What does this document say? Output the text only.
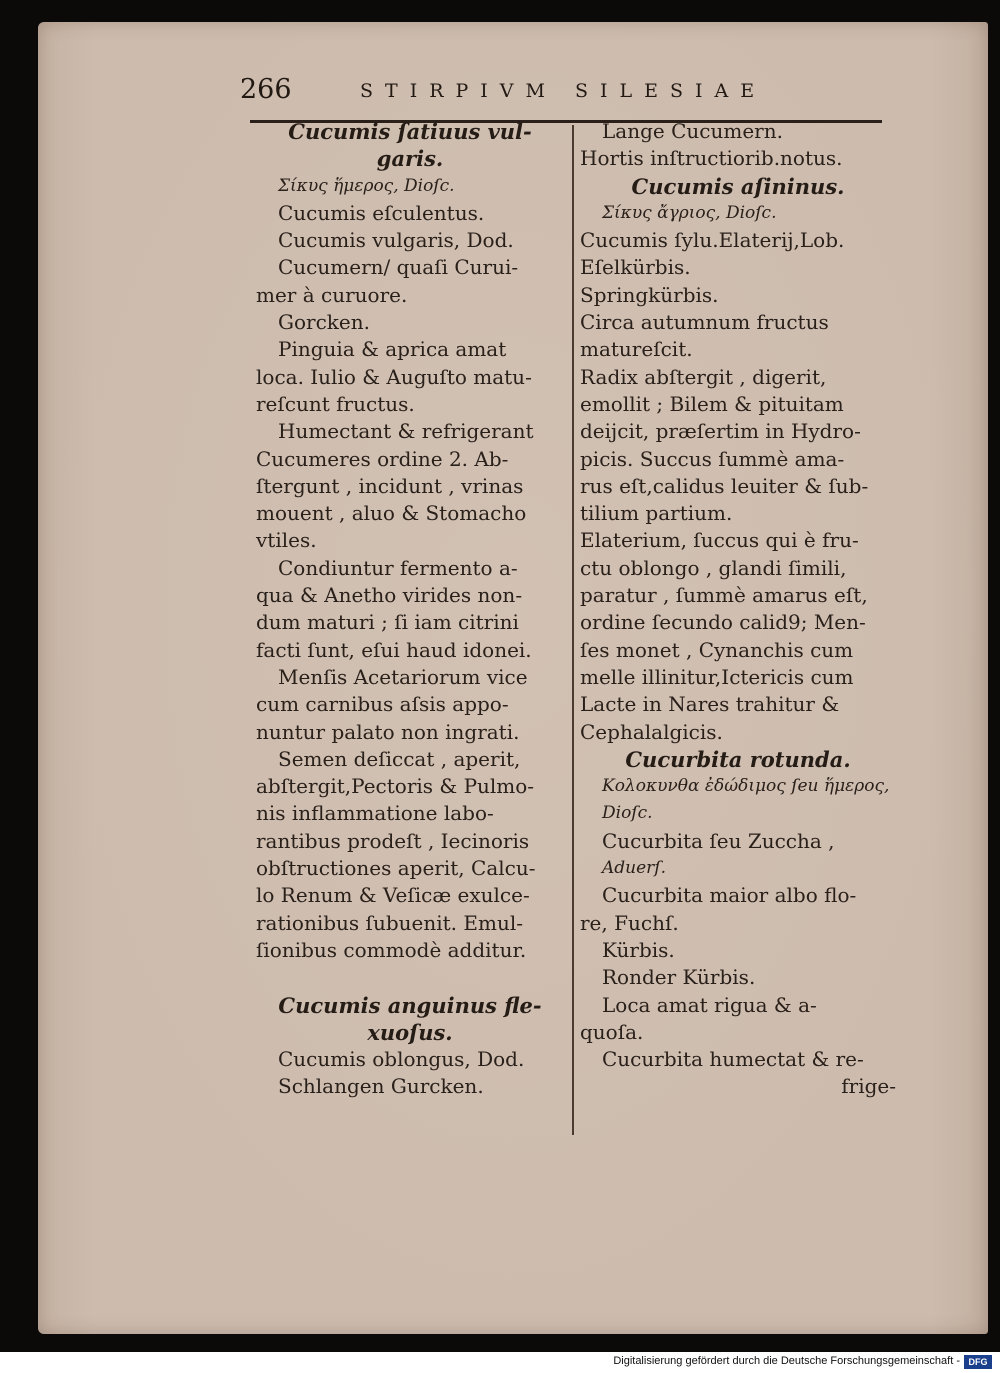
266	STIRPIVM SILESIAE
Cucumis ſatiuus vul-
garis.
Σίκυς ἥμερος, Dioſc.
Cucumis eſculentus.
Cucumis vulgaris, Dod.
Cucumern/ quaſi Curui-
mer à curuore.
Gorcken.
Pinguia & aprica amat
loca. Iulio & Auguſto matu-
reſcunt fructus.
Humectant & refrigerant
Cucumeres ordine 2. Ab-
ſtergunt , incidunt , vrinas
mouent , aluo & Stomacho
vtiles.
Condiuntur fermento a-
qua & Anetho virides non-
dum maturi ; ſi iam citrini
facti ſunt, eſui haud idonei.
Menſis Acetariorum vice
cum carnibus aſsis appo-
nuntur palato non ingrati.
Semen deſiccat , aperit,
abſtergit,Pectoris & Pulmo-
nis inflammatione labo-
rantibus prodeſt , Iecinoris
obſtructiones aperit, Calcu-
lo Renum & Veſicæ exulce-
rationibus ſubuenit. Emul-
ſionibus commodè additur.
Cucumis anguinus fle-
xuoſus.
Cucumis oblongus, Dod.
Schlangen Gurcken.
Lange Cucumern.
Hortis inſtructiorib.notus.
Cucumis aſininus.
Σίκυς ἄγριος, Dioſc.
Cucumis ſylu.Elaterij,Lob.
Eſelkürbis.
Springkürbis.
Circa autumnum fructus
matureſcit.
Radix abſtergit , digerit,
emollit ; Bilem & pituitam
deijcit, præſertim in Hydro-
picis. Succus ſummè ama-
rus eſt,calidus leuiter & ſub-
tilium partium.
Elaterium, ſuccus qui è fru-
ctu oblongo , glandi ſimili,
paratur , ſummè amarus eſt,
ordine ſecundo calid9; Men-
ſes monet , Cynanchis cum
melle illinitur,Ictericis cum
Lacte in Nares trahitur &
Cephalalgicis.
Cucurbita rotunda.
Κολοκυνθα ἐδώδιμος ſeu ἥμερος,
Dioſc.
Cucurbita ſeu Zuccha ,
Aduerſ.
Cucurbita maior albo flo-
re, Fuchſ.
Kürbis.
Ronder Kürbis.
Loca amat rigua & a-
quoſa.
Cucurbita humectat & re-
frige-
Digitalisierung gefördert durch die Deutsche Forschungsgemeinschaft - DFG
